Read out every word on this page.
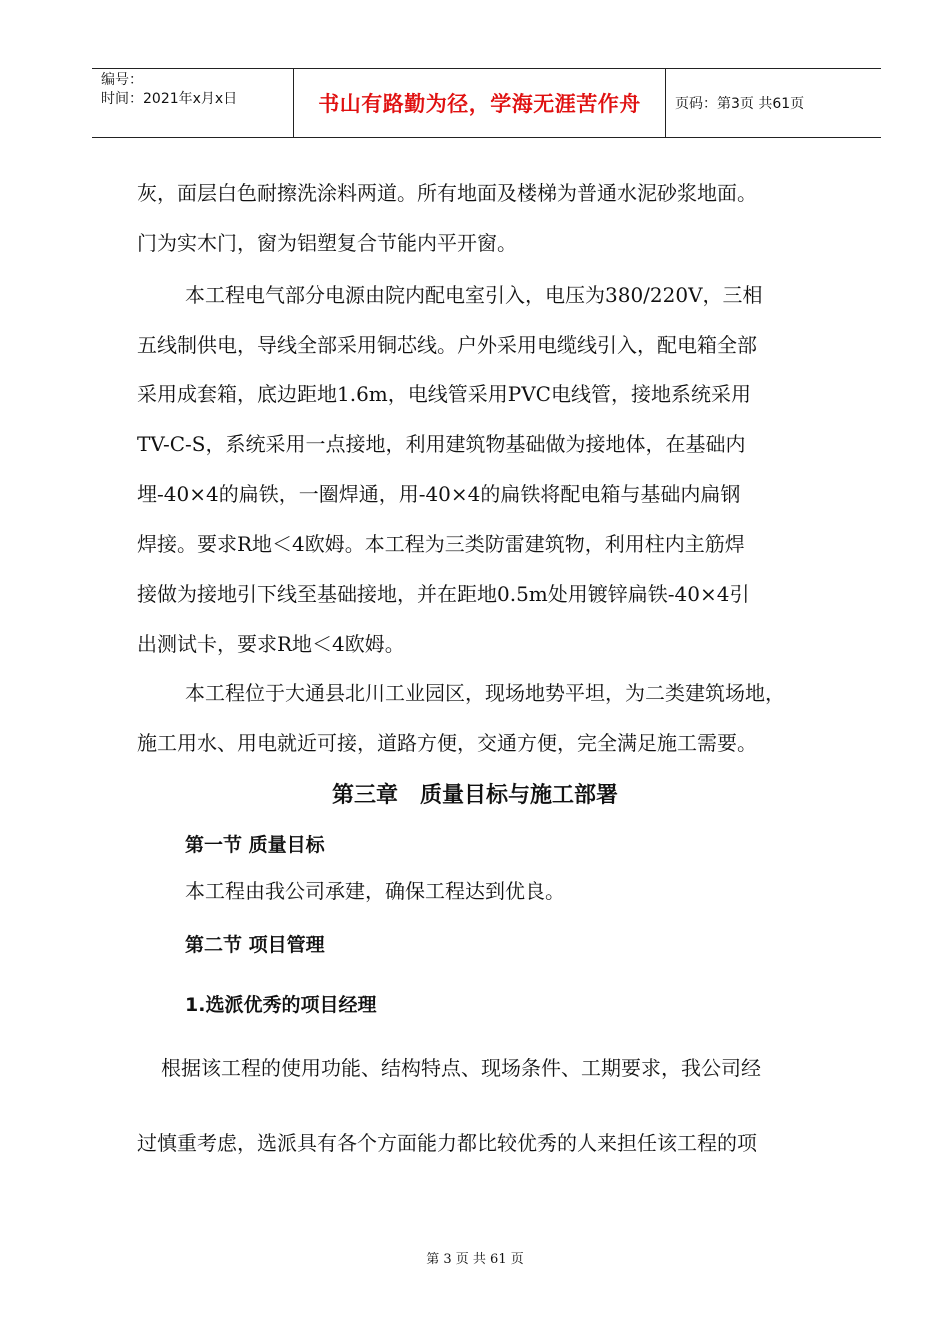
编号：
时间：2021年x月x日	书山有路勤为径，学海无涯苦作舟	页码：第3页 共61页
灰，面层白色耐擦洗涂料两道。所有地面及楼梯为普通水泥砂浆地面。
门为实木门，窗为铝塑复合节能内平开窗。
本工程电气部分电源由院内配电室引入，电压为380/220V，三相
五线制供电，导线全部采用铜芯线。户外采用电缆线引入，配电箱全部
采用成套箱，底边距地1.6m，电线管采用PVC电线管，接地系统采用
TV-C-S，系统采用一点接地，利用建筑物基础做为接地体，在基础内
埋-40×4的扁铁，一圈焊通，用-40×4的扁铁将配电箱与基础内扁钢
焊接。要求R地＜4欧姆。本工程为三类防雷建筑物，利用柱内主筋焊
接做为接地引下线至基础接地，并在距地0.5m处用镀锌扁铁-40×4引
出测试卡，要求R地＜4欧姆。
本工程位于大通县北川工业园区，现场地势平坦，为二类建筑场地，
施工用水、用电就近可接，道路方便，交通方便，完全满足施工需要。
第三章　质量目标与施工部署
第一节 质量目标
本工程由我公司承建，确保工程达到优良。
第二节 项目管理
1.选派优秀的项目经理
根据该工程的使用功能、结构特点、现场条件、工期要求，我公司经
过慎重考虑，选派具有各个方面能力都比较优秀的人来担任该工程的项
第 3 页 共 61 页
